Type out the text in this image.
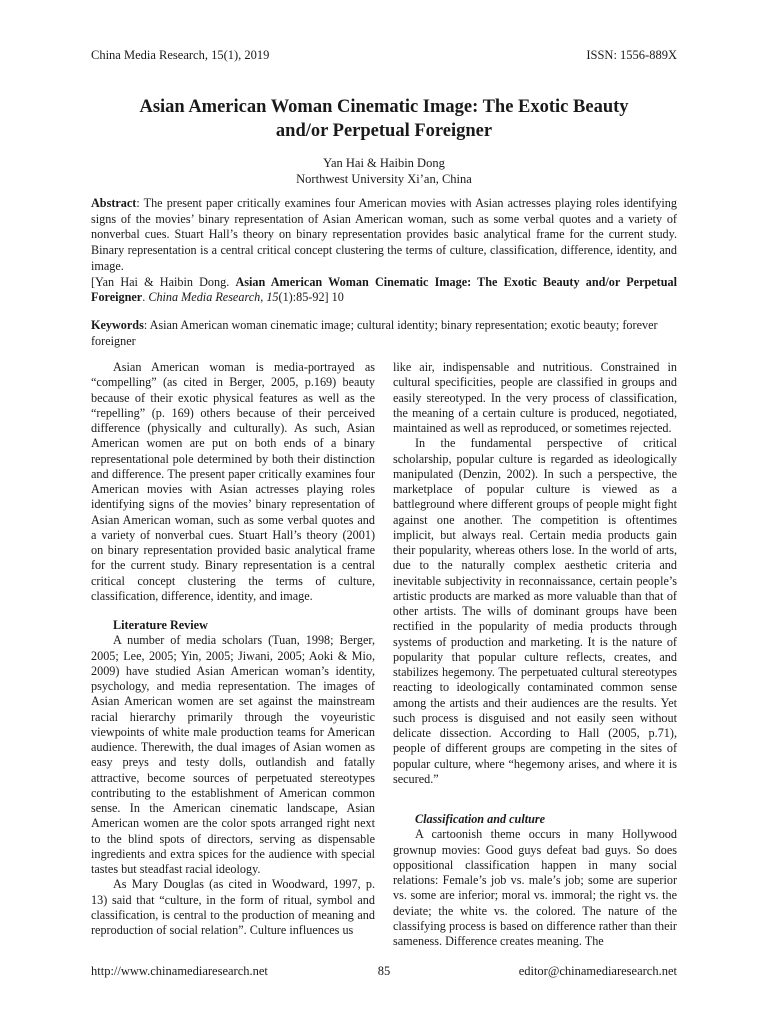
China Media Research, 15(1), 2019	ISSN: 1556-889X
Asian American Woman Cinematic Image: The Exotic Beauty
and/or Perpetual Foreigner
Yan Hai & Haibin Dong
Northwest University Xi’an, China

Abstract: The present paper critically examines four American movies with Asian actresses playing roles identifying signs of the movies’ binary representation of Asian American woman, such as some verbal quotes and a variety of nonverbal cues. Stuart Hall’s theory on binary representation provides basic analytical frame for the current study. Binary representation is a central critical concept clustering the terms of culture, classification, difference, identity, and image.

[Yan Hai & Haibin Dong. Asian American Woman Cinematic Image: The Exotic Beauty and/or Perpetual Foreigner. China Media Research, 15(1):85-92] 10

Keywords: Asian American woman cinematic image; cultural identity; binary representation; exotic beauty; forever foreigner

Asian American woman is media-portrayed as “compelling” (as cited in Berger, 2005, p.169) beauty because of their exotic physical features as well as the “repelling” (p. 169) others because of their perceived difference (physically and culturally). As such, Asian American women are put on both ends of a binary representational pole determined by both their distinction and difference. The present paper critically examines four American movies with Asian actresses playing roles identifying signs of the movies’ binary representation of Asian American woman, such as some verbal quotes and a variety of nonverbal cues. Stuart Hall’s theory (2001) on binary representation provided basic analytical frame for the current study. Binary representation is a central critical concept clustering the terms of culture, classification, difference, identity, and image.

Literature Review

A number of media scholars (Tuan, 1998; Berger, 2005; Lee, 2005; Yin, 2005; Jiwani, 2005; Aoki & Mio, 2009) have studied Asian American woman’s identity, psychology, and media representation. The images of Asian American women are set against the mainstream racial hierarchy primarily through the voyeuristic viewpoints of white male production teams for American audience. Therewith, the dual images of Asian women as easy preys and testy dolls, outlandish and fatally attractive, become sources of perpetuated stereotypes contributing to the establishment of American common sense. In the American cinematic landscape, Asian American women are the color spots arranged right next to the blind spots of directors, serving as dispensable ingredients and extra spices for the audience with special tastes but steadfast racial ideology.

As Mary Douglas (as cited in Woodward, 1997, p. 13) said that “culture, in the form of ritual, symbol and classification, is central to the production of meaning and reproduction of social relation”. Culture influences us

like air, indispensable and nutritious. Constrained in cultural specificities, people are classified in groups and easily stereotyped. In the very process of classification, the meaning of a certain culture is produced, negotiated, maintained as well as reproduced, or sometimes rejected.

In the fundamental perspective of critical scholarship, popular culture is regarded as ideologically manipulated (Denzin, 2002). In such a perspective, the marketplace of popular culture is viewed as a battleground where different groups of people might fight against one another. The competition is oftentimes implicit, but always real. Certain media products gain their popularity, whereas others lose. In the world of arts, due to the naturally complex aesthetic criteria and inevitable subjectivity in reconnaissance, certain people’s artistic products are marked as more valuable than that of other artists. The wills of dominant groups have been rectified in the popularity of media products through systems of production and marketing. It is the nature of popularity that popular culture reflects, creates, and stabilizes hegemony. The perpetuated cultural stereotypes reacting to ideologically contaminated common sense among the artists and their audiences are the results. Yet such process is disguised and not easily seen without delicate dissection. According to Hall (2005, p.71), people of different groups are competing in the sites of popular culture, where “hegemony arises, and where it is secured.”

Classification and culture

A cartoonish theme occurs in many Hollywood grownup movies: Good guys defeat bad guys. So does oppositional classification happen in many social relations: Female’s job vs. male’s job; some are superior vs. some are inferior; moral vs. immoral; the right vs. the deviate; the white vs. the colored. The nature of the classifying process is based on difference rather than their sameness. Difference creates meaning. The

http://www.chinamediaresearch.net	85	editor@chinamediaresearch.net
